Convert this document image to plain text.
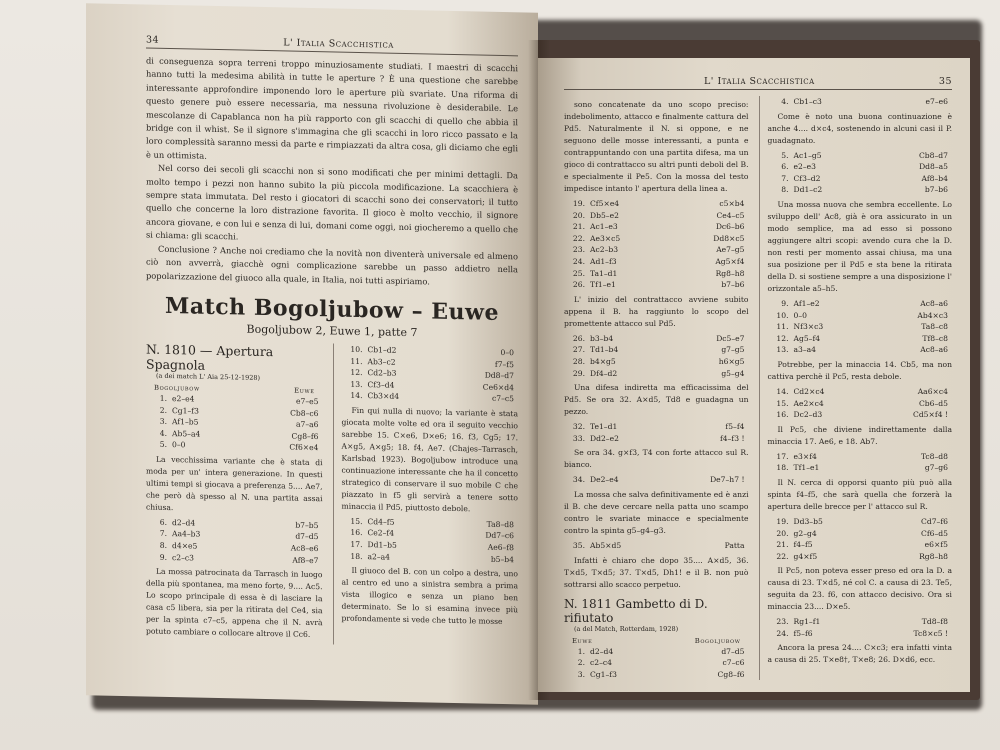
34	L' Italia Scacchistica

di conseguenza sopra terreni troppo minuziosamente studiati. I maestri di scacchi hanno tutti la medesima abilità in tutte le aperture ? È una questione che sarebbe interessante approfondire imponendo loro le aperture più svariate. Una riforma di questo genere può essere necessaria, ma nessuna rivoluzione è desiderabile. Le mescolanze di Capablanca non ha più rapporto con gli scacchi di quello che abbia il bridge con il whist. Se il signore s'immagina che gli scacchi in loro ricco passato e la loro complessità saranno messi da parte e rimpiazzati da altra cosa, gli diciamo che egli è un ottimista.

Nel corso dei secoli gli scacchi non si sono modificati che per minimi dettagli. Da molto tempo i pezzi non hanno subito la più piccola modificazione. La scacchiera è sempre stata immutata. Del resto i giocatori di scacchi sono dei conservatori; il tutto quello che concerne la loro distrazione favorita. Il gioco è molto vecchio, il signore ancora giovane, e con lui e senza di lui, domani come oggi, noi giocheremo a quello che si chiama: gli scacchi.

Conclusione ? Anche noi crediamo che la novità non diventerà universale ed almeno ciò non avverrà, giacchè ogni complicazione sarebbe un passo addietro nella popolarizzazione del giuoco alla quale, in Italia, noi tutti aspiriamo.

Match Bogoljubow – Euwe
Bogoljubow 2, Euwe 1, patte 7
N. 1810 — Apertura Spagnola
(a dei match L' Aia 25-12-1928)
Bogoljubow	Euwe
1. e2–e4	e7–e5
2. Cg1–f3	Cb8–c6
3. Af1–b5	a7–a6
4. Ab5–a4	Cg8–f6
5. 0–0	Cf6×e4

La vecchissima variante che è stata di moda per un' intera generazione. In questi ultimi tempi si giocava a preferenza 5.... Ae7, che però dà spesso al N. una partita assai chiusa.

6. d2–d4	b7–b5
7. Aa4–b3	d7–d5
8. d4×e5	Ac8–e6
9. c2–c3	Af8–e7

La mossa patrocinata da Tarrasch in luogo della più spontanea, ma meno forte, 9.... Ac5. Lo scopo principale di essa è di lasciare la casa c5 libera, sia per la ritirata del Ce4, sia per la spinta c7–c5, appena che il N. avrà potuto cambiare o collocare altrove il Cc6.

10. Cb1–d2	0–0
11. Ab3–c2	f7–f5
12. Cd2–b3	Dd8–d7
13. Cf3–d4	Ce6×d4
14. Cb3×d4	c7–c5

Fin qui nulla di nuovo; la variante è stata giocata molte volte ed ora il seguito vecchio sarebbe 15. C×e6, D×e6; 16. f3, Cg5; 17. A×g5, A×g5; 18. f4, Ae7. (Chajes–Tarrasch, Karlsbad 1923). Bogoljubow introduce una continuazione interessante che ha il concetto strategico di conservare il suo mobile C che piazzato in f5 gli servirà a tenere sotto minaccia il Pd5, piuttosto debole.

15. Cd4–f5	Ta8–d8
16. Ce2–f4	Dd7–c6
17. Dd1–b5	Ae6–f8
18. a2–a4	b5–b4

Il giuoco del B. con un colpo a destra, uno al centro ed uno a sinistra sembra a prima vista illogico e senza un piano ben determinato. Se lo si esamina invece più profondamente si vede che tutto le mosse

L' Italia Scacchistica	35

sono concatenate da uno scopo preciso: indebolimento, attacco e finalmente cattura del Pd5. Naturalmente il N. si oppone, e ne seguono delle mosse interessanti, a punta e contrappuntando con una partita difesa, ma un gioco di contrattacco su altri punti deboli del B. e specialmente il Pe5. Con la mossa del testo impedisce intanto l' apertura della linea a.

19. Cf5×e4	c5×b4
20. Db5–e2	Ce4–c5
21. Ac1–e3	Dc6–b6
22. Ae3×c5	Dd8×c5
23. Ac2–b3	Ae7–g5
24. Ad1–f3	Ag5×f4
25. Ta1–d1	Rg8–h8
26. Tf1–e1	b7–b6

L' inizio del contrattacco avviene subito appena il B. ha raggiunto lo scopo del promettente attacco sul Pd5.

26. b3–b4	Dc5–e7
27. Td1–b4	g7–g5
28. b4×g5	h6×g5
29. Df4–d2	g5–g4

Una difesa indiretta ma efficacissima del Pd5. Se ora 32. A×d5, Td8 e guadagna un pezzo.

32. Te1–d1	f5–f4
33. Dd2–e2	f4–f3 !

Se ora 34. g×f3, T4 con forte attacco sul R. bianco.

34. De2–e4	De7–h7 !

La mossa che salva definitivamente ed è anzi il B. che deve cercare nella patta uno scampo contro le svariate minacce e specialmente contro la spinta g5–g4–g3.

35. Ab5×d5	Patta

Infatti è chiaro che dopo 35.... A×d5, 36. T×d5, T×d5; 37. T×d5, Dh1! e il B. non può sottrarsi allo scacco perpetuo.

N. 1811 Gambetto di D. rifiutato
(a del Match, Rotterdam, 1928)
Euwe	Bogoljubow
1. d2–d4	d7–d5
2. c2–c4	c7–c6
3. Cg1–f3	Cg8–f6
4. Cb1–c3	e7–e6

Come è noto una buona continuazione è anche 4.... d×c4, sostenendo in alcuni casi il P. guadagnato.

5. Ac1–g5	Cb8–d7
6. e2–e3	Dd8–a5
7. Cf3–d2	Af8–b4
8. Dd1–c2	b7–b6

Una mossa nuova che sembra eccellente. Lo sviluppo dell' Ac8, già è ora assicurato in un modo semplice, ma ad esso si possono aggiungere altri scopi: avendo cura che la D. non resti per momento assai chiusa, ma una sua posizione per il Pd5 e sta bene la ritirata della D. si sostiene sempre a una disposizione l' orizzontale a5–h5.

9. Af1–e2	Ac8–a6
10. 0–0	Ab4×c3
11. Nf3×c3	Ta8–c8
12. Ag5–f4	Tf8–c8
13. a3–a4	Ac8–a6

Potrebbe, per la minaccia 14. Cb5, ma non cattiva perchè il Pc5, resta debole.

14. Cd2×c4	Aa6×c4
15. Ae2×c4	Cb6–d5
16. Dc2–d3	Cd5×f4 !

Il Pc5, che diviene indirettamente dalla minaccia 17. Ae6, e 18. Ab7.

17. e3×f4	Tc8–d8
18. Tf1–e1	g7–g6

Il N. cerca di opporsi quanto più può alla spinta f4–f5, che sarà quella che forzerà la apertura delle brecce per l' attacco sul R.

19. Dd3–b5	Cd7–f6
20. g2–g4	Cf6–d5
21. f4–f5	e6×f5
22. g4×f5	Rg8–h8

Il Pc5, non poteva esser preso ed ora la D. a causa di 23. T×d5, né col C. a causa di 23. Te5, seguita da 23. f6, con attacco decisivo. Ora si minaccia 23.... D×e5.

23. Rg1–f1	Td8–f8
24. f5–f6	Tc8×c5 !

Ancora la presa 24.... C×c3; era infatti vinta a causa di 25. T×e8†, T×e8; 26. D×d6, ecc.
